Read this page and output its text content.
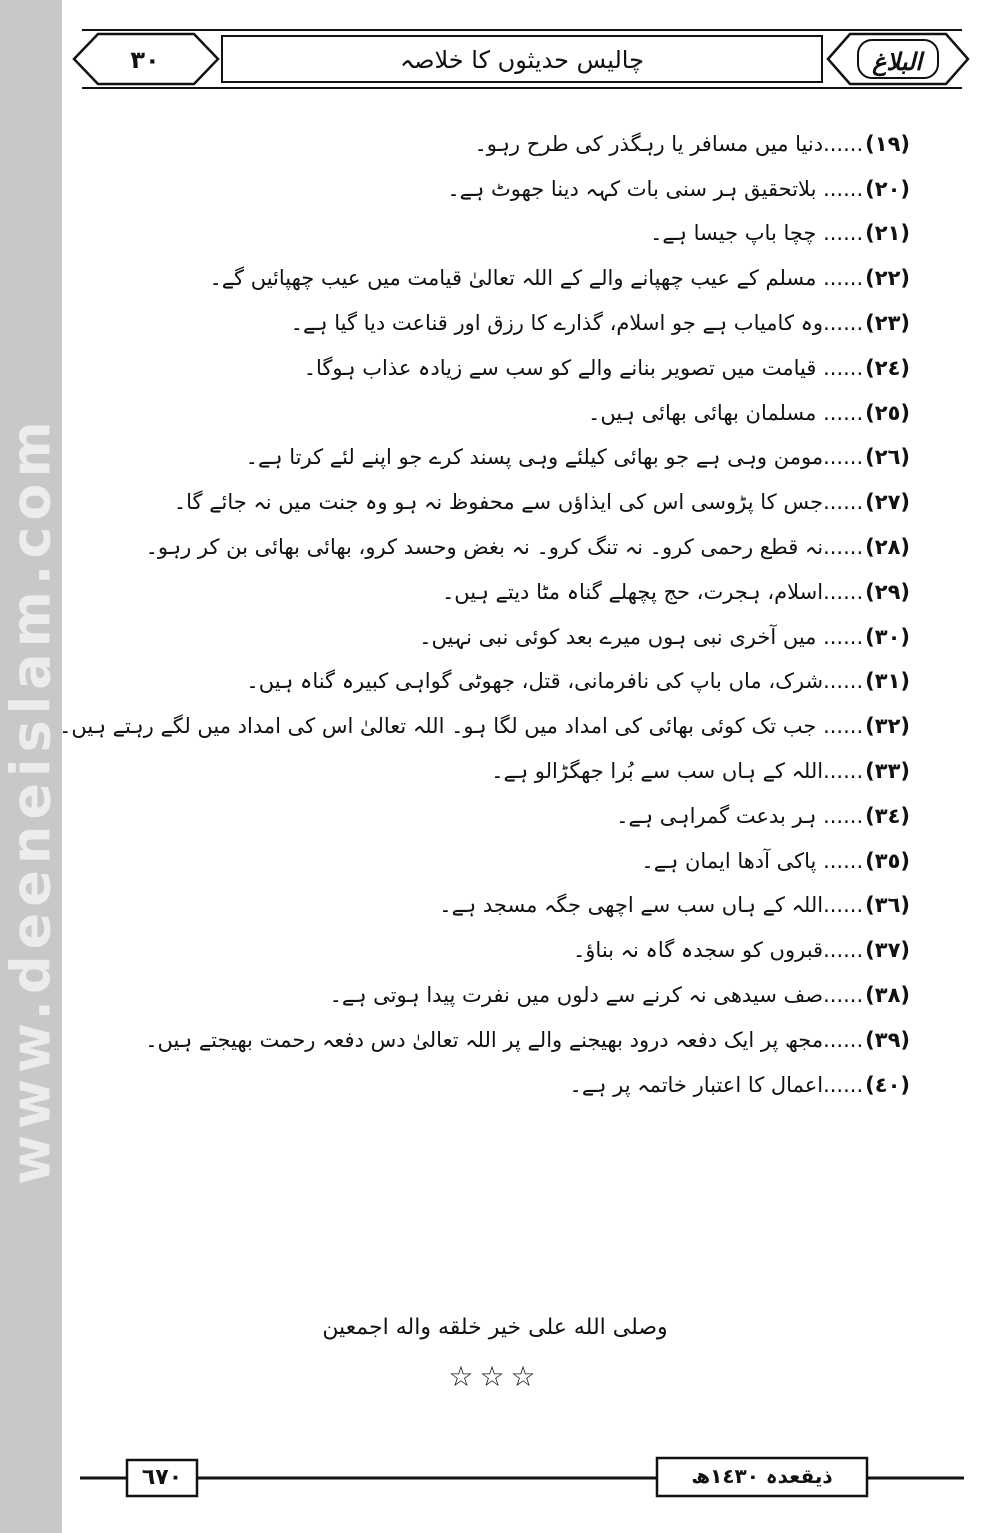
www.deeneislam.com
٣٠	چالیس حدیثوں کا خلاصہ	البلاغ
(١٩)
......دنیا میں مسافر یا رہگذر کی طرح رہو۔
(٢٠)
...... بلاتحقیق ہر سنی بات کہہ دینا جھوٹ ہے۔
(٢١)
...... چچا باپ جیسا ہے۔
(٢٢)
...... مسلم کے عیب چھپانے والے کے اللہ تعالیٰ قیامت میں عیب چھپائیں گے۔
(٢٣)
......وہ کامیاب ہے جو اسلام، گذارے کا رزق اور قناعت دیا گیا ہے۔
(٢٤)
...... قیامت میں تصویر بنانے والے کو سب سے زیادہ عذاب ہوگا۔
(٢٥)
...... مسلمان بھائی بھائی ہیں۔
(٢٦)
......مومن وہی ہے جو بھائی کیلئے وہی پسند کرے جو اپنے لئے کرتا ہے۔
(٢٧)
......جس کا پڑوسی اس کی ایذاؤں سے محفوظ نہ ہو وہ جنت میں نہ جائے گا۔
(٢٨)
......نہ قطع رحمی کرو۔ نہ تنگ کرو۔ نہ بغض وحسد کرو، بھائی بھائی بن کر رہو۔
(٢٩)
......اسلام، ہجرت، حج پچھلے گناہ مٹا دیتے ہیں۔
(٣٠)
...... میں آخری نبی ہوں میرے بعد کوئی نبی نہیں۔
(٣١)
......شرک، ماں باپ کی نافرمانی، قتل، جھوٹی گواہی کبیرہ گناہ ہیں۔
(٣٢)
...... جب تک کوئی بھائی کی امداد میں لگا ہو۔ اللہ تعالیٰ اس کی امداد میں لگے رہتے ہیں۔
(٣٣)
......اللہ کے ہاں سب سے بُرا جھگڑالو ہے۔
(٣٤)
...... ہر بدعت گمراہی ہے۔
(٣٥)
...... پاکی آدھا ایمان ہے۔
(٣٦)
......اللہ کے ہاں سب سے اچھی جگہ مسجد ہے۔
(٣٧)
......قبروں کو سجدہ گاہ نہ بناؤ۔
(٣٨)
......صف سیدھی نہ کرنے سے دلوں میں نفرت پیدا ہوتی ہے۔
(٣٩)
......مجھ پر ایک دفعہ درود بھیجنے والے پر اللہ تعالیٰ دس دفعہ رحمت بھیجتے ہیں۔
(٤٠)
......اعمال کا اعتبار خاتمہ پر ہے۔
وصلى الله على خير خلقه واله اجمعين
☆☆☆
٦٧٠	ذیقعدہ ١٤٣٠ھ
